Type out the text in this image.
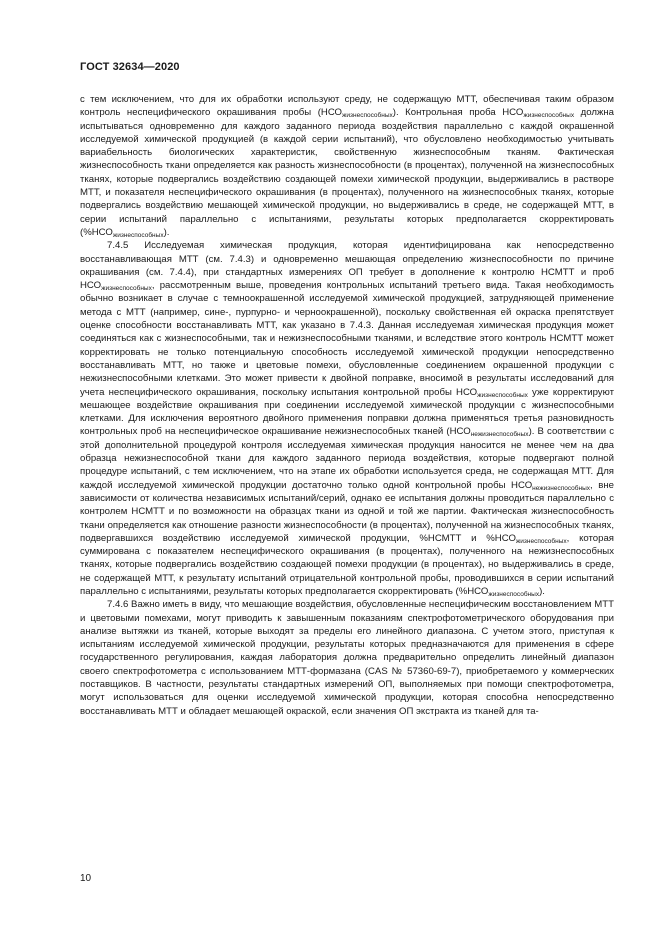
ГОСТ 32634—2020

с тем исключением, что для их обработки используют среду, не содержащую МТТ, обеспечивая таким образом контроль неспецифического окрашивания пробы $(НСО_{жизнеспособных})$. Контрольная проба $НСО_{жизнеспособных}$ должна испытываться одновременно для каждого заданного периода воздействия параллельно с каждой окрашенной исследуемой химической продукцией (в каждой серии испытаний), что обусловлено необходимостью учитывать вариабельность биологических характеристик, свойственную жизнеспособным тканям. Фактическая жизнеспособность ткани определяется как разность жизнеспособности (в процентах), полученной на жизнеспособных тканях, которые подвергались воздействию создающей помехи химической продукции, выдерживались в растворе МТТ, и показателя неспецифического окрашивания (в процентах), полученного на жизнеспособных тканях, которые подвергались воздействию мешающей химической продукции, но выдерживались в среде, не содержащей МТТ, в серии испытаний параллельно с испытаниями, результаты которых предполагается скорректировать $(\%НСО_{жизнеспособных})$.

7.4.5 Исследуемая химическая продукция, которая идентифицирована как непосредственно восстанавливающая МТТ (см. 7.4.3) и одновременно мешающая определению жизнеспособности по причине окрашивания (см. 7.4.4), при стандартных измерениях ОП требует в дополнение к контролю НСМТТ и проб $НСО_{жизнеспособных}$, рассмотренным выше, проведения контрольных испытаний третьего вида. Такая необходимость обычно возникает в случае с темноокрашенной исследуемой химической продукцией, затрудняющей применение метода с МТТ (например, сине-, пурпурно- и черноокрашенной), поскольку свойственная ей окраска препятствует оценке способности восстанавливать МТТ, как указано в 7.4.3. Данная исследуемая химическая продукция может соединяться как с жизнеспособными, так и нежизнеспособными тканями, и вследствие этого контроль НСМТТ может корректировать не только потенциальную способность исследуемой химической продукции непосредственно восстанавливать МТТ, но также и цветовые помехи, обусловленные соединением окрашенной продукции с нежизнеспособными клетками. Это может привести к двойной поправке, вносимой в результаты исследований для учета неспецифического окрашивания, поскольку испытания контрольной пробы $НСО_{жизнеспособных}$ уже корректируют мешающее воздействие окрашивания при соединении исследуемой химической продукции с жизнеспособными клетками. Для исключения вероятного двойного применения поправки должна применяться третья разновидность контрольных проб на неспецифическое окрашивание нежизнеспособных тканей $(НСО_{нежизнеспособных})$. В соответствии с этой дополнительной процедурой контроля исследуемая химическая продукция наносится не менее чем на два образца нежизнеспособной ткани для каждого заданного периода воздействия, которые подвергают полной процедуре испытаний, с тем исключением, что на этапе их обработки используется среда, не содержащая МТТ. Для каждой исследуемой химической продукции достаточно только одной контрольной пробы $НСО_{нежизнеспособных}$, вне зависимости от количества независимых испытаний/серий, однако ее испытания должны проводиться параллельно с контролем НСМТТ и по возможности на образцах ткани из одной и той же партии. Фактическая жизнеспособность ткани определяется как отношение разности жизнеспособности (в процентах), полученной на жизнеспособных тканях, подвергавшихся воздействию исследуемой химической продукции, %НСМТТ и $\%НСО_{жизнеспособных}$, которая суммирована с показателем неспецифического окрашивания (в процентах), полученного на нежизнеспособных тканях, которые подвергались воздействию создающей помехи продукции (в процентах), но выдерживались в среде, не содержащей МТТ, к результату испытаний отрицательной контрольной пробы, проводившихся в серии испытаний параллельно с испытаниями, результаты которых предполагается скорректировать $(\%НСО_{жизнеспособных})$.

7.4.6 Важно иметь в виду, что мешающие воздействия, обусловленные неспецифическим восстановлением МТТ и цветовыми помехами, могут приводить к завышенным показаниям спектрофотометрического оборудования при анализе вытяжки из тканей, которые выходят за пределы его линейного диапазона. С учетом этого, приступая к испытаниям исследуемой химической продукции, результаты которых предназначаются для применения в сфере государственного регулирования, каждая лаборатория должна предварительно определить линейный диапазон своего спектрофотометра с использованием МТТ-формазана (CAS № 57360-69-7), приобретаемого у коммерческих поставщиков. В частности, результаты стандартных измерений ОП, выполняемых при помощи спектрофотометра, могут использоваться для оценки исследуемой химической продукции, которая способна непосредственно восстанавливать МТТ и обладает мешающей окраской, если значения ОП экстракта из тканей для та-

10
